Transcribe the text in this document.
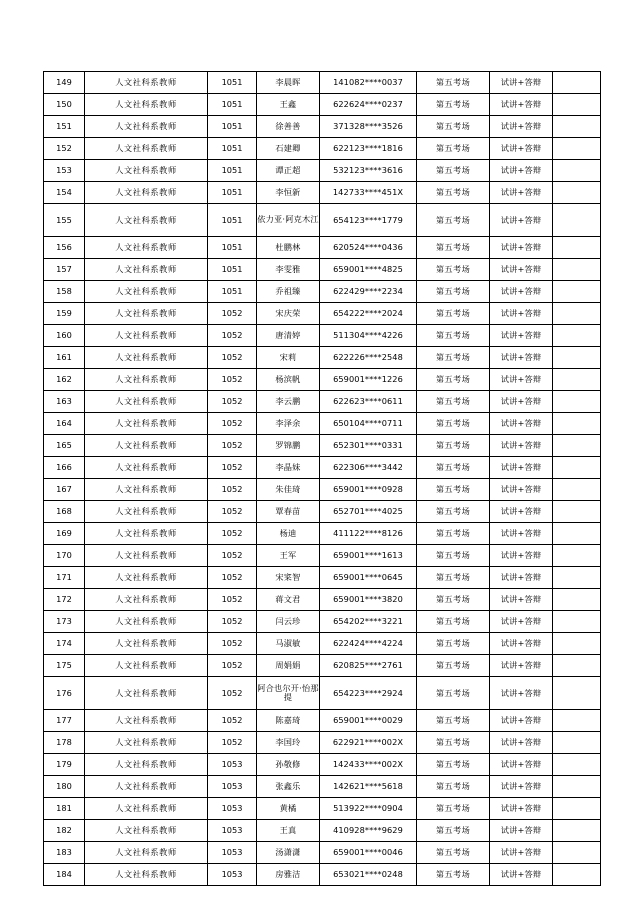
149	人文社科系教师	1051	李晨晖	141082****0037	第五考场	试讲+答辩	
150	人文社科系教师	1051	王鑫	622624****0237	第五考场	试讲+答辩	
151	人文社科系教师	1051	徐善善	371328****3526	第五考场	试讲+答辩	
152	人文社科系教师	1051	石建卿	622123****1816	第五考场	试讲+答辩	
153	人文社科系教师	1051	谭正超	532123****3616	第五考场	试讲+答辩	
154	人文社科系教师	1051	李恒新	142733****451X	第五考场	试讲+答辩	
155	人文社科系教师	1051	依力亚·阿克木江	654123****1779	第五考场	试讲+答辩	
156	人文社科系教师	1051	杜鹏林	620524****0436	第五考场	试讲+答辩	
157	人文社科系教师	1051	李雯雅	659001****4825	第五考场	试讲+答辩	
158	人文社科系教师	1051	乔祖臻	622429****2234	第五考场	试讲+答辩	
159	人文社科系教师	1052	宋庆荣	654222****2024	第五考场	试讲+答辩	
160	人文社科系教师	1052	唐清婷	511304****4226	第五考场	试讲+答辩	
161	人文社科系教师	1052	宋莉	622226****2548	第五考场	试讲+答辩	
162	人文社科系教师	1052	杨滨帆	659001****1226	第五考场	试讲+答辩	
163	人文社科系教师	1052	李云鹏	622623****0611	第五考场	试讲+答辩	
164	人文社科系教师	1052	李泽余	650104****0711	第五考场	试讲+答辩	
165	人文社科系教师	1052	罗锦鹏	652301****0331	第五考场	试讲+答辩	
166	人文社科系教师	1052	李晶妹	622306****3442	第五考场	试讲+答辩	
167	人文社科系教师	1052	朱佳琦	659001****0928	第五考场	试讲+答辩	
168	人文社科系教师	1052	覃春苗	652701****4025	第五考场	试讲+答辩	
169	人文社科系教师	1052	杨迪	411122****8126	第五考场	试讲+答辩	
170	人文社科系教师	1052	王军	659001****1613	第五考场	试讲+答辩	
171	人文社科系教师	1052	宋寀智	659001****0645	第五考场	试讲+答辩	
172	人文社科系教师	1052	蒋文君	659001****3820	第五考场	试讲+答辩	
173	人文社科系教师	1052	闫云珍	654202****3221	第五考场	试讲+答辩	
174	人文社科系教师	1052	马淑敏	622424****4224	第五考场	试讲+答辩	
175	人文社科系教师	1052	周娟娟	620825****2761	第五考场	试讲+答辩	
176	人文社科系教师	1052	阿合也尔开·怡那提	654223****2924	第五考场	试讲+答辩	
177	人文社科系教师	1052	陈嘉琦	659001****0029	第五考场	试讲+答辩	
178	人文社科系教师	1052	李国玲	622921****002X	第五考场	试讲+答辩	
179	人文社科系教师	1053	孙敬修	142433****002X	第五考场	试讲+答辩	
180	人文社科系教师	1053	张鑫乐	142621****5618	第五考场	试讲+答辩	
181	人文社科系教师	1053	黄橘	513922****0904	第五考场	试讲+答辩	
182	人文社科系教师	1053	王真	410928****9629	第五考场	试讲+答辩	
183	人文社科系教师	1053	汤潇潇	659001****0046	第五考场	试讲+答辩	
184	人文社科系教师	1053	房雅洁	653021****0248	第五考场	试讲+答辩	
